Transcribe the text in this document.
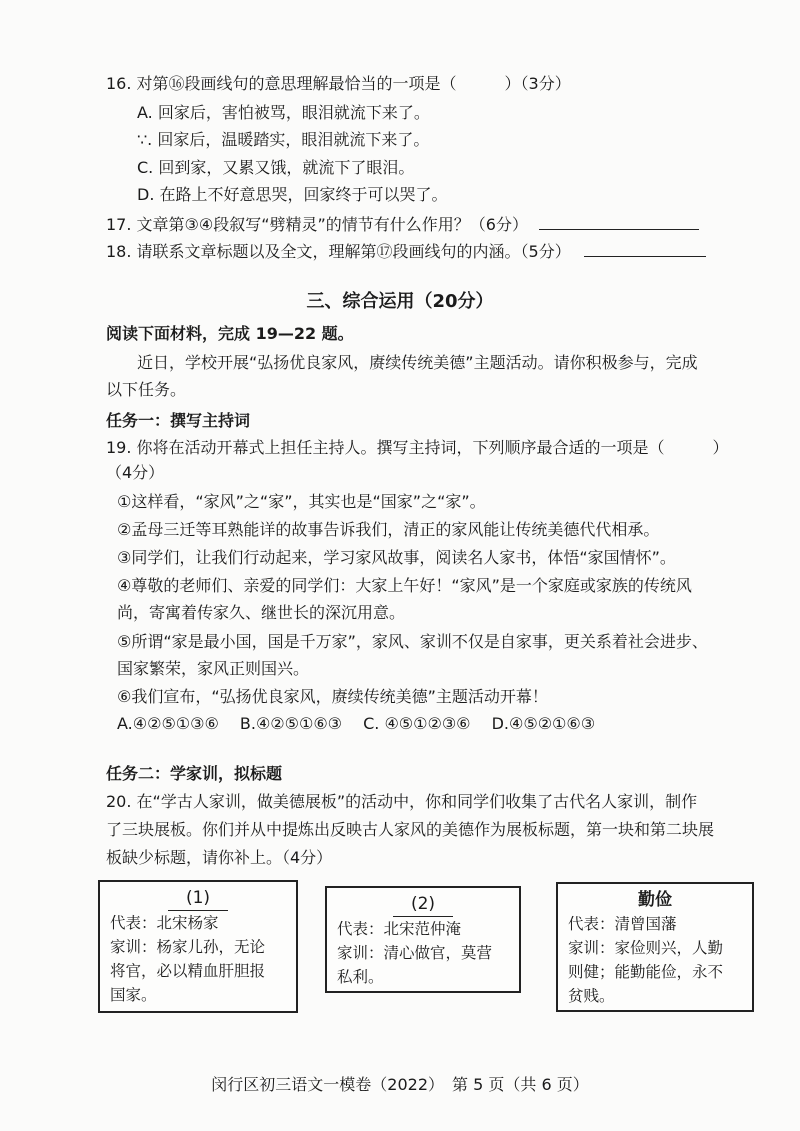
16. 对第⑯段画线句的意思理解最恰当的一项是（　　　）（3分）
A. 回家后，害怕被骂，眼泪就流下来了。
∵. 回家后，温暖踏实，眼泪就流下来了。
C. 回到家，又累又饿，就流下了眼泪。
D. 在路上不好意思哭，回家终于可以哭了。
17. 文章第③④段叙写“劈精灵”的情节有什么作用？（6分）
18. 请联系文章标题以及全文，理解第⑰段画线句的内涵。（5分）
三、综合运用（20分）
阅读下面材料，完成 19—22 题。
近日，学校开展“弘扬优良家风，赓续传统美德”主题活动。请你积极参与，完成
以下任务。
任务一：撰写主持词
19. 你将在活动开幕式上担任主持人。撰写主持词，下列顺序最合适的一项是（　　　）
（4分）
①这样看，“家风”之“家”，其实也是“国家”之“家”。
②孟母三迁等耳熟能详的故事告诉我们，清正的家风能让传统美德代代相承。
③同学们，让我们行动起来，学习家风故事，阅读名人家书，体悟“家国情怀”。
④尊敬的老师们、亲爱的同学们：大家上午好！“家风”是一个家庭或家族的传统风
尚，寄寓着传家久、继世长的深沉用意。
⑤所谓“家是最小国，国是千万家”，家风、家训不仅是自家事，更关系着社会进步、
国家繁荣，家风正则国兴。
⑥我们宣布，“弘扬优良家风，赓续传统美德”主题活动开幕！
A.④②⑤①③⑥　 B.④②⑤①⑥③　 C. ④⑤①②③⑥　 D.④⑤②①⑥③
任务二：学家训，拟标题
20. 在“学古人家训，做美德展板”的活动中，你和同学们收集了古代名人家训，制作
了三块展板。你们并从中提炼出反映古人家风的美德作为展板标题，第一块和第二块展
板缺少标题，请你补上。（4分）
(1)
代表：北宋杨家
家训：杨家儿孙，无论
将官，必以精血肝胆报
国家。
(2)
代表：北宋范仲淹
家训：清心做官，莫营
私利。
勤俭
代表：清曾国藩
家训：家俭则兴，人勤
则健；能勤能俭，永不
贫贱。
闵行区初三语文一模卷（2022）　第 5 页（共 6 页）
